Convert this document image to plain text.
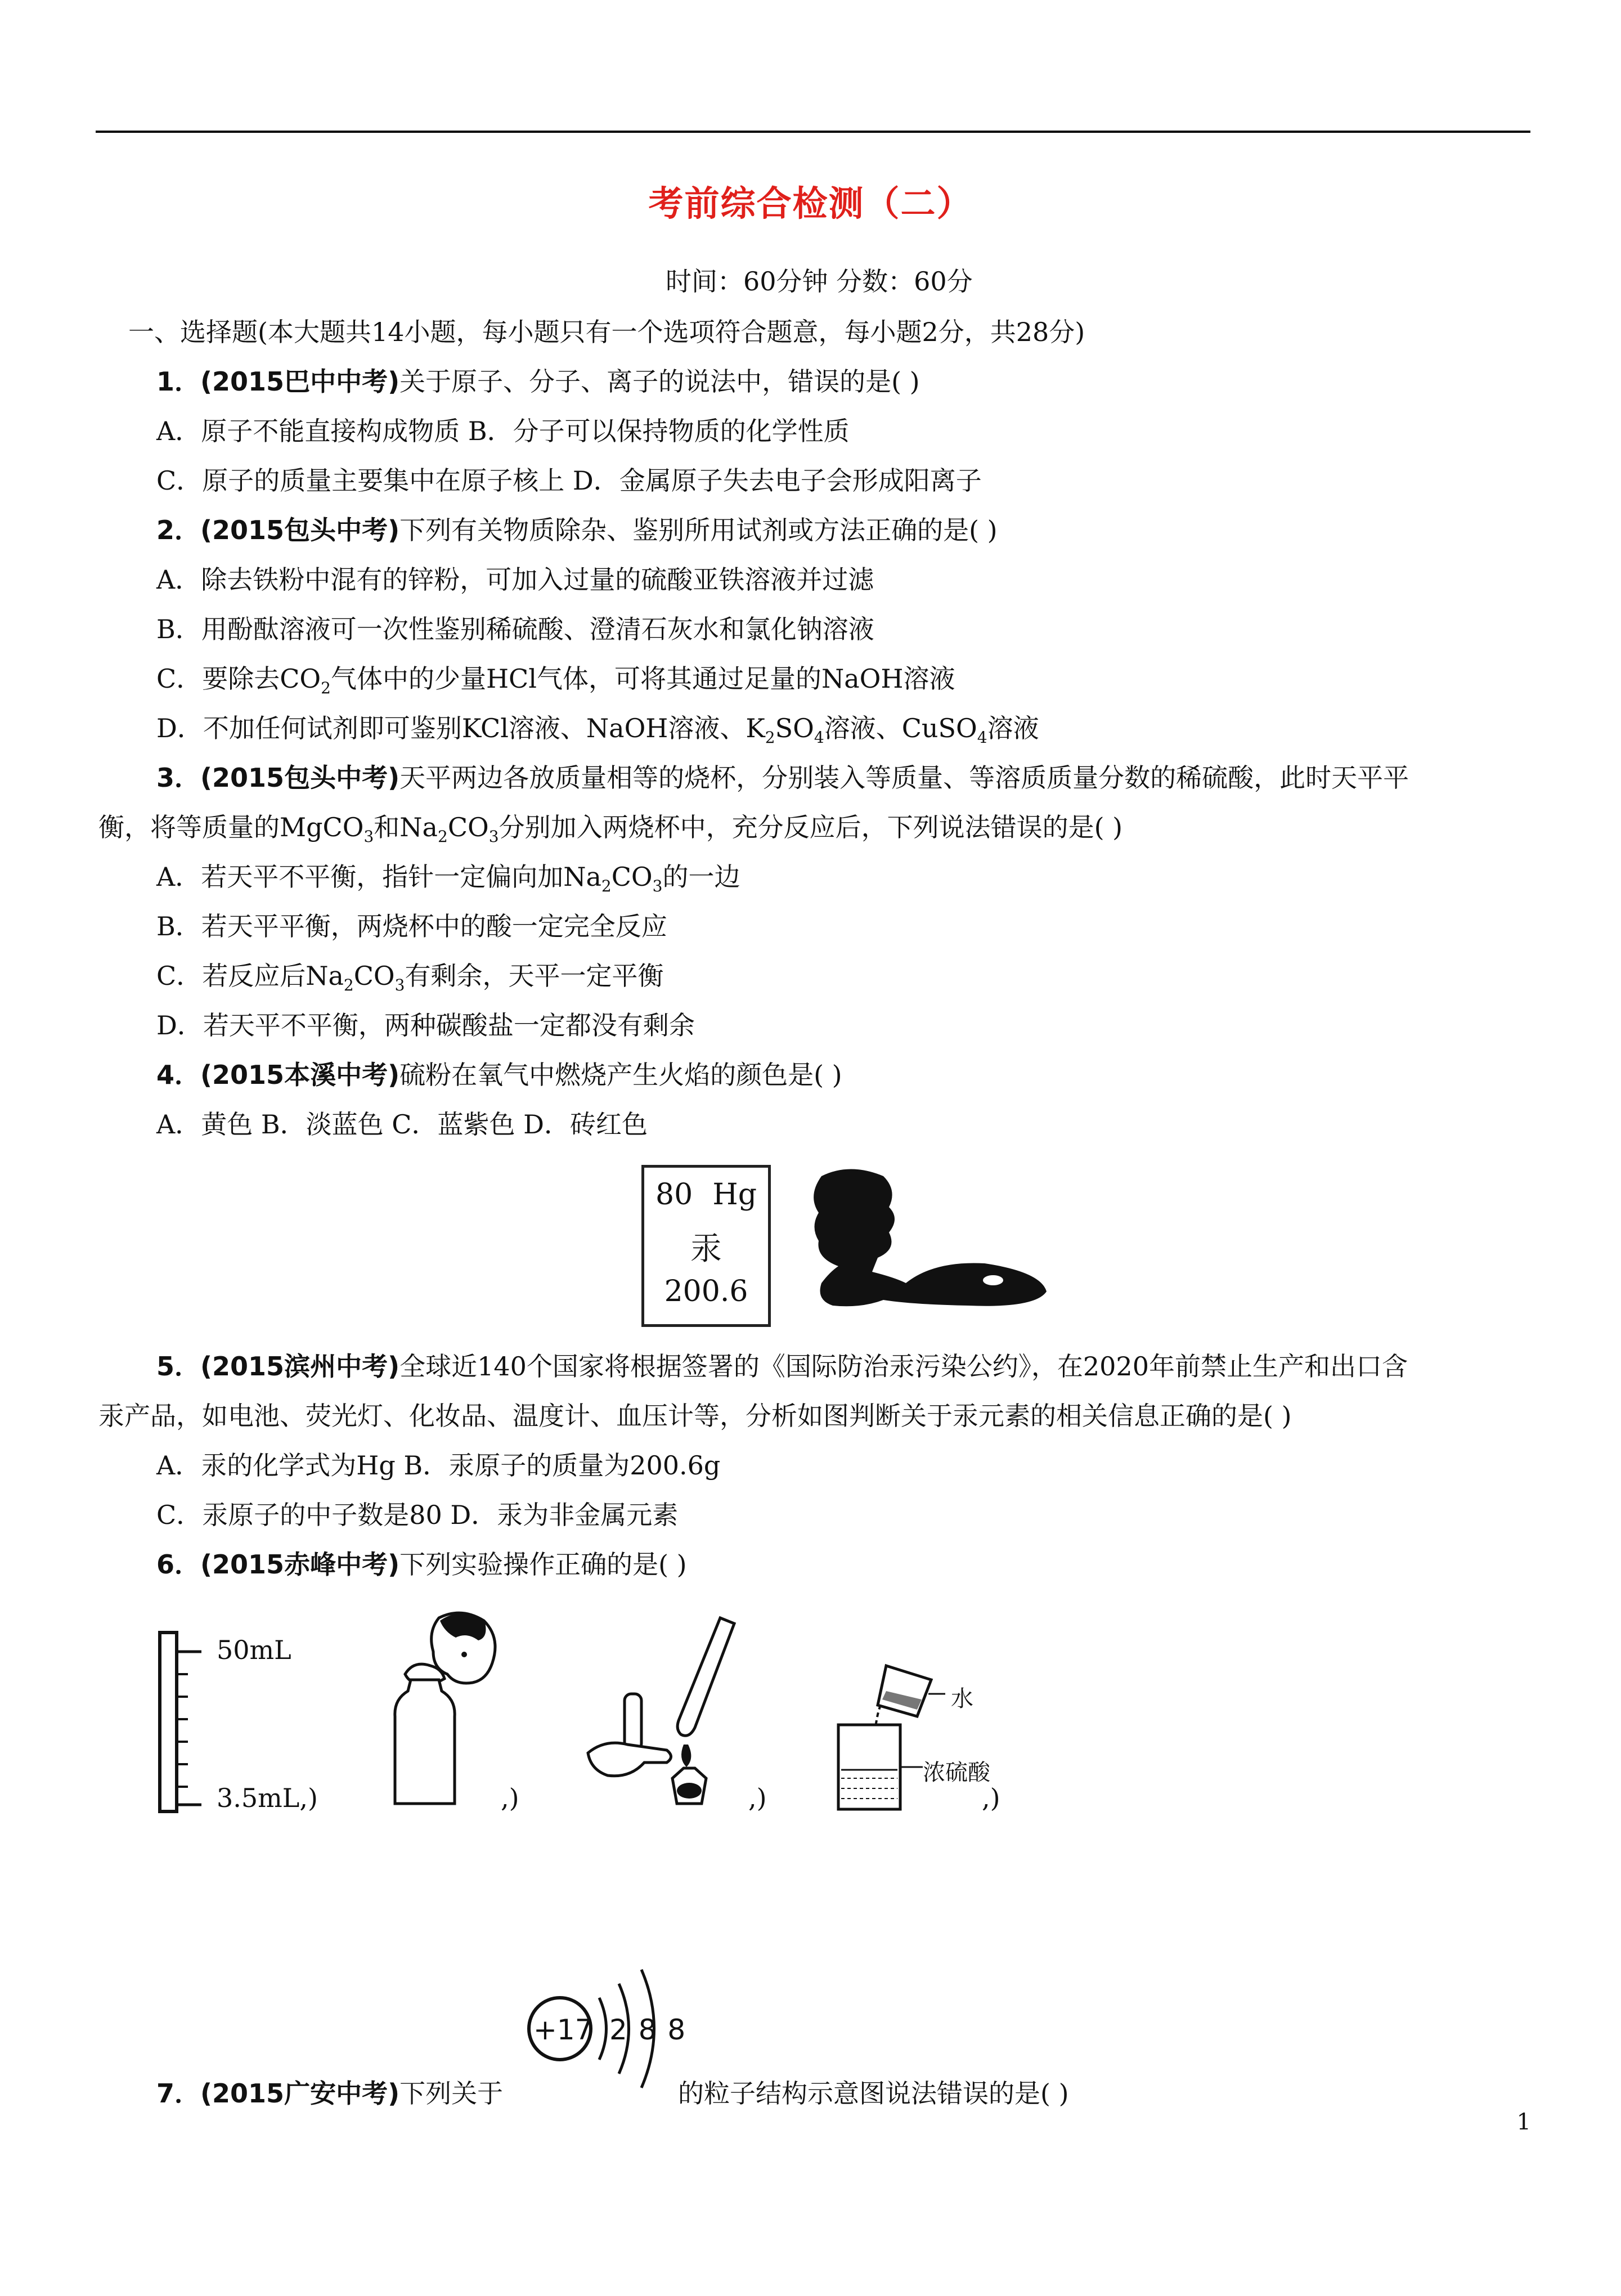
考前综合检测（二）
时间：60分钟 分数：60分
一、选择题(本大题共14小题，每小题只有一个选项符合题意，每小题2分，共28分)
1．(2015巴中中考)关于原子、分子、离子的说法中，错误的是( )
A．原子不能直接构成物质 B．分子可以保持物质的化学性质
C．原子的质量主要集中在原子核上 D．金属原子失去电子会形成阳离子
2．(2015包头中考)下列有关物质除杂、鉴别所用试剂或方法正确的是( )
A．除去铁粉中混有的锌粉，可加入过量的硫酸亚铁溶液并过滤
B．用酚酞溶液可一次性鉴别稀硫酸、澄清石灰水和氯化钠溶液
C．要除去$CO_2$气体中的少量HCl气体，可将其通过足量的NaOH溶液
D．不加任何试剂即可鉴别KCl溶液、NaOH溶液、$K_2SO_4$溶液、CuSO$_4$溶液
3．(2015包头中考)天平两边各放质量相等的烧杯，分别装入等质量、等溶质质量分数的稀硫酸，此时天平平
衡，将等质量的MgCO$_3$和$Na_2CO_3$分别加入两烧杯中，充分反应后，下列说法错误的是( )
A．若天平不平衡，指针一定偏向加$Na_2CO_3$的一边
B．若天平平衡，两烧杯中的酸一定完全反应
C．若反应后$Na_2CO_3$有剩余，天平一定平衡
D．若天平不平衡，两种碳酸盐一定都没有剩余
4．(2015本溪中考)硫粉在氧气中燃烧产生火焰的颜色是( )
A．黄色 B．淡蓝色 C．蓝紫色 D．砖红色
80 Hg
汞
200.6
5．(2015滨州中考)全球近140个国家将根据签署的《国际防治汞污染公约》，在2020年前禁止生产和出口含
汞产品，如电池、荧光灯、化妆品、温度计、血压计等，分析如图判断关于汞元素的相关信息正确的是( )
A．汞的化学式为Hg B．汞原子的质量为200.6g
C．汞原子的中子数是80 D．汞为非金属元素
6．(2015赤峰中考)下列实验操作正确的是( )
50mL
3.5mL,)	,)	,)
水
浓硫酸
,)
+17 2 8 8
7．(2015广安中考)下列关于	的粒子结构示意图说法错误的是( )
1
